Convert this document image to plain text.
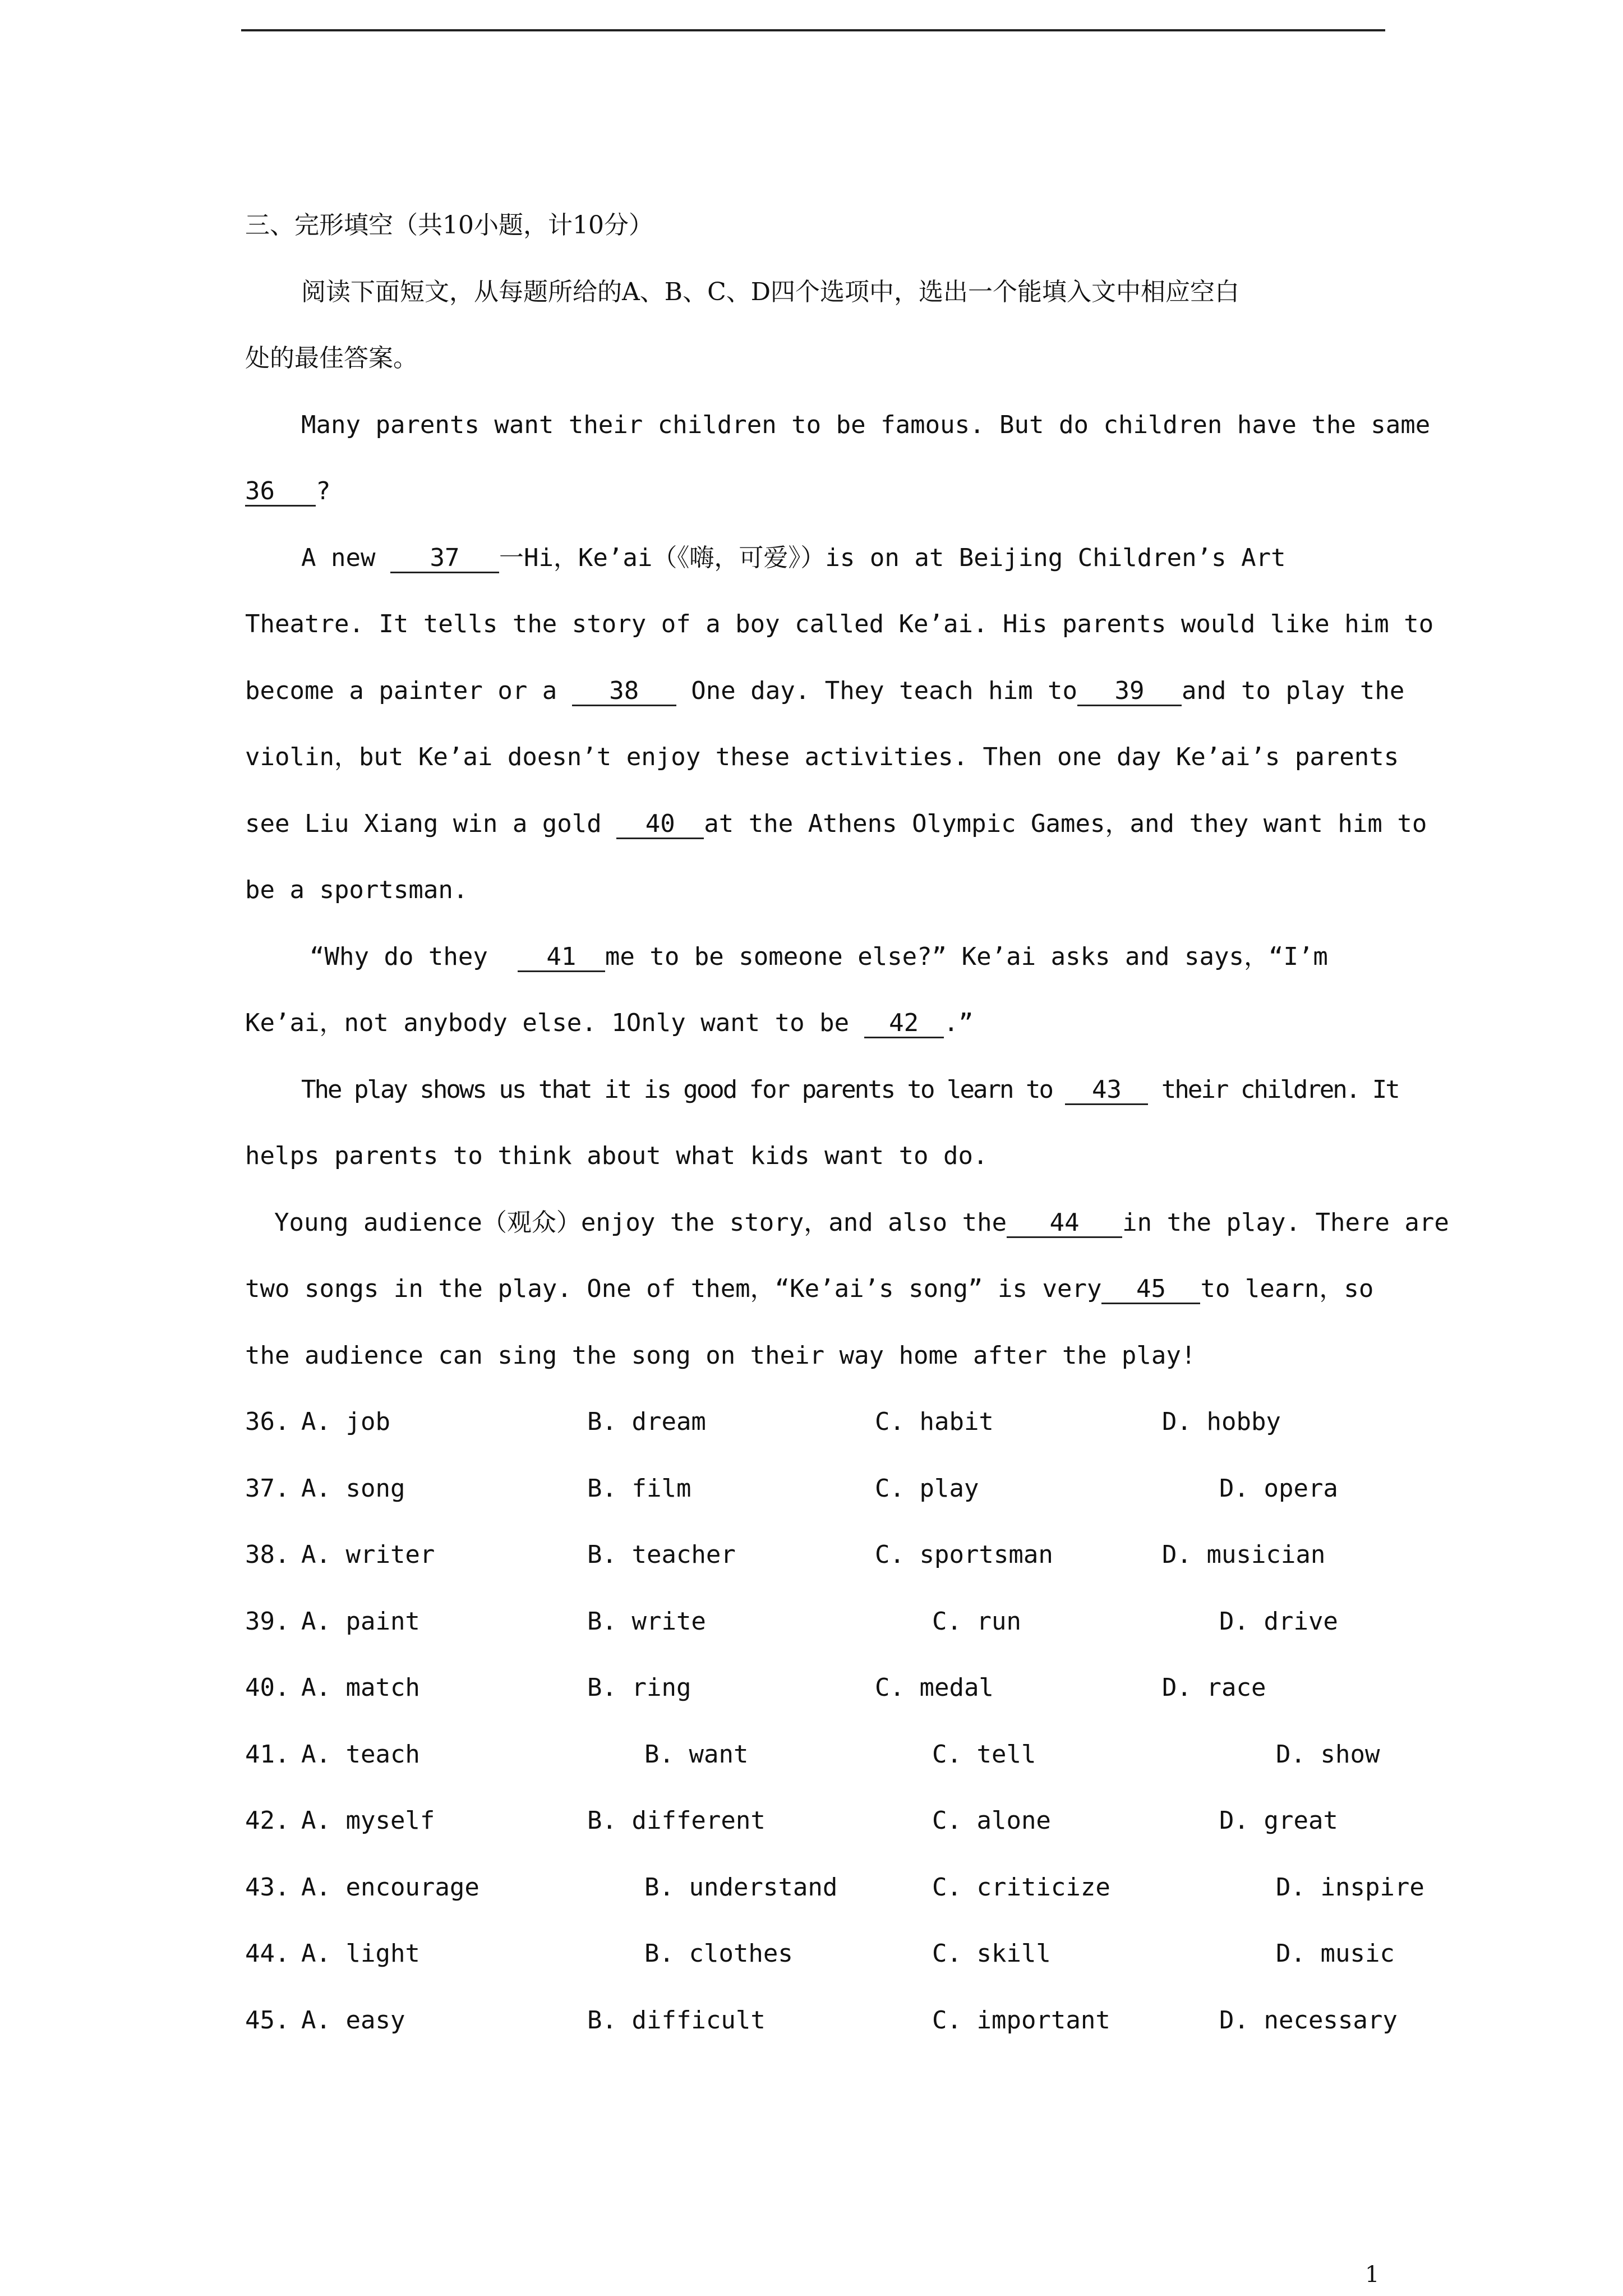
三、完形填空（共10小题，计10分）
阅读下面短文，从每题所给的A、B、C、D四个选项中，选出一个能填入文中相应空白
处的最佳答案。
Many parents want their children to be famous. But do children have the same
36 ?
A new 37 一Hi，Ke’ai（《嗨，可爱》）is on at Beijing Children’s Art
Theatre. It tells the story of a boy called Ke’ai. His parents would like him to
become a painter or a 38 One day. They teach him to 39 and to play the
violin，but Ke’ai doesn’t enjoy these activities. Then one day Ke’ai’s parents
see Liu Xiang win a gold 40 at the Athens Olympic Games，and they want him to
be a sportsman.
“Why do they  41 me to be someone else?” Ke’ai asks and says，“I’m
Ke’ai，not anybody else. 1Only want to be 42 .”
The play shows us that it is good for parents to learn to 43 their children. It
helps parents to think about what kids want to do.
Young audience（观众）enjoy the story，and also the 44 in the play. There are
two songs in the play. One of them，“Ke’ai’s song” is very 45 to learn，so
the audience can sing the song on their way home after the play!
36. A. job	B. dream	C. habit	D. hobby
37. A. song	B. film	C. play	D. opera
38. A. writer	B. teacher	C. sportsman	D. musician
39. A. paint	B. write	C. run	D. drive
40. A. match	B. ring	C. medal	D. race
41. A. teach	B. want	C. tell	D. show
42. A. myself	B. different	C. alone	D. great
43. A. encourage	B. understand	C. criticize	D. inspire
44. A. light	B. clothes	C. skill	D. music
45. A. easy	B. difficult	C. important	D. necessary
1
